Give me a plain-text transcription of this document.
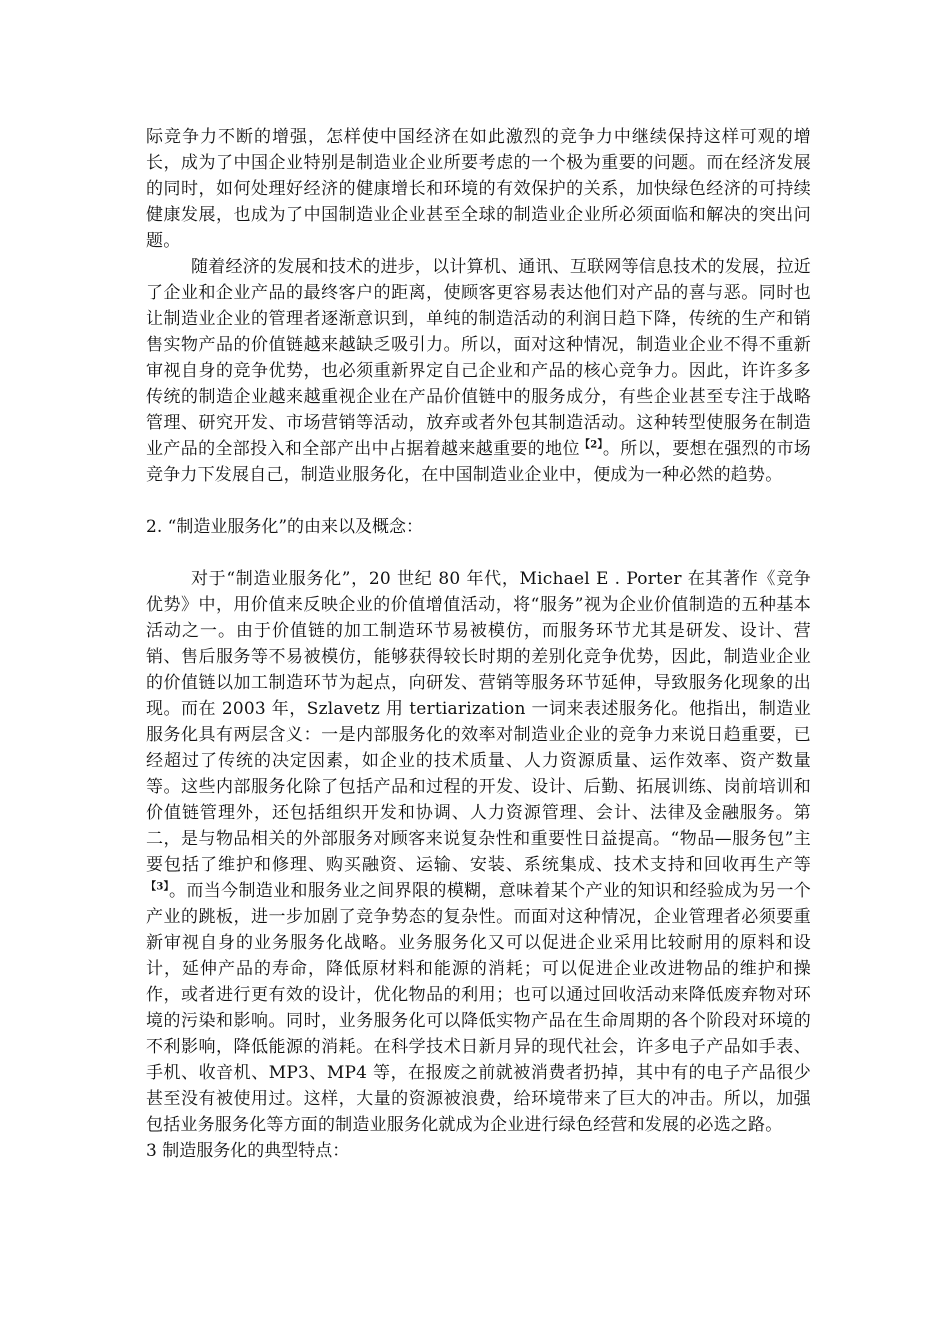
际竞争力不断的增强，怎样使中国经济在如此激烈的竞争力中继续保持这样可观的增长，成为了中国企业特别是制造业企业所要考虑的一个极为重要的问题。而在经济发展的同时，如何处理好经济的健康增长和环境的有效保护的关系，加快绿色经济的可持续健康发展，也成为了中国制造业企业甚至全球的制造业企业所必须面临和解决的突出问题。

随着经济的发展和技术的进步，以计算机、通讯、互联网等信息技术的发展，拉近了企业和企业产品的最终客户的距离，使顾客更容易表达他们对产品的喜与恶。同时也让制造业企业的管理者逐渐意识到，单纯的制造活动的利润日趋下降，传统的生产和销售实物产品的价值链越来越缺乏吸引力。所以，面对这种情况，制造业企业不得不重新审视自身的竞争优势，也必须重新界定自己企业和产品的核心竞争力。因此，许许多多传统的制造企业越来越重视企业在产品价值链中的服务成分，有些企业甚至专注于战略管理、研究开发、市场营销等活动，放弃或者外包其制造活动。这种转型使服务在制造业产品的全部投入和全部产出中占据着越来越重要的地位$^{【2】}$。所以，要想在强烈的市场竞争力下发展自己，制造业服务化，在中国制造业企业中，便成为一种必然的趋势。

2. “制造业服务化”的由来以及概念：

对于“制造业服务化”，20 世纪 80 年代，Michael E . Porter 在其著作《竞争优势》中，用价值来反映企业的价值增值活动，将“服务”视为企业价值制造的五种基本活动之一。由于价值链的加工制造环节易被模仿，而服务环节尤其是研发、设计、营销、售后服务等不易被模仿，能够获得较长时期的差别化竞争优势，因此，制造业企业的价值链以加工制造环节为起点，向研发、营销等服务环节延伸，导致服务化现象的出现。而在 2003 年，Szlavetz 用 tertiarization 一词来表述服务化。他指出，制造业服务化具有两层含义：一是内部服务化的效率对制造业企业的竞争力来说日趋重要，已经超过了传统的决定因素，如企业的技术质量、人力资源质量、运作效率、资产数量等。这些内部服务化除了包括产品和过程的开发、设计、后勤、拓展训练、岗前培训和价值链管理外，还包括组织开发和协调、人力资源管理、会计、法律及金融服务。第二，是与物品相关的外部服务对顾客来说复杂性和重要性日益提高。“物品—服务包”主要包括了维护和修理、购买融资、运输、安装、系统集成、技术支持和回收再生产等$^{【3】}$。而当今制造业和服务业之间界限的模糊，意味着某个产业的知识和经验成为另一个产业的跳板，进一步加剧了竞争势态的复杂性。而面对这种情况，企业管理者必须要重新审视自身的业务服务化战略。业务服务化又可以促进企业采用比较耐用的原料和设计，延伸产品的寿命，降低原材料和能源的消耗；可以促进企业改进物品的维护和操作，或者进行更有效的设计，优化物品的利用；也可以通过回收活动来降低废弃物对环境的污染和影响。同时，业务服务化可以降低实物产品在生命周期的各个阶段对环境的不利影响，降低能源的消耗。在科学技术日新月异的现代社会，许多电子产品如手表、手机、收音机、MP3、MP4 等，在报废之前就被消费者扔掉，其中有的电子产品很少甚至没有被使用过。这样，大量的资源被浪费，给环境带来了巨大的冲击。所以，加强包括业务服务化等方面的制造业服务化就成为企业进行绿色经营和发展的必选之路。

3 制造服务化的典型特点：
